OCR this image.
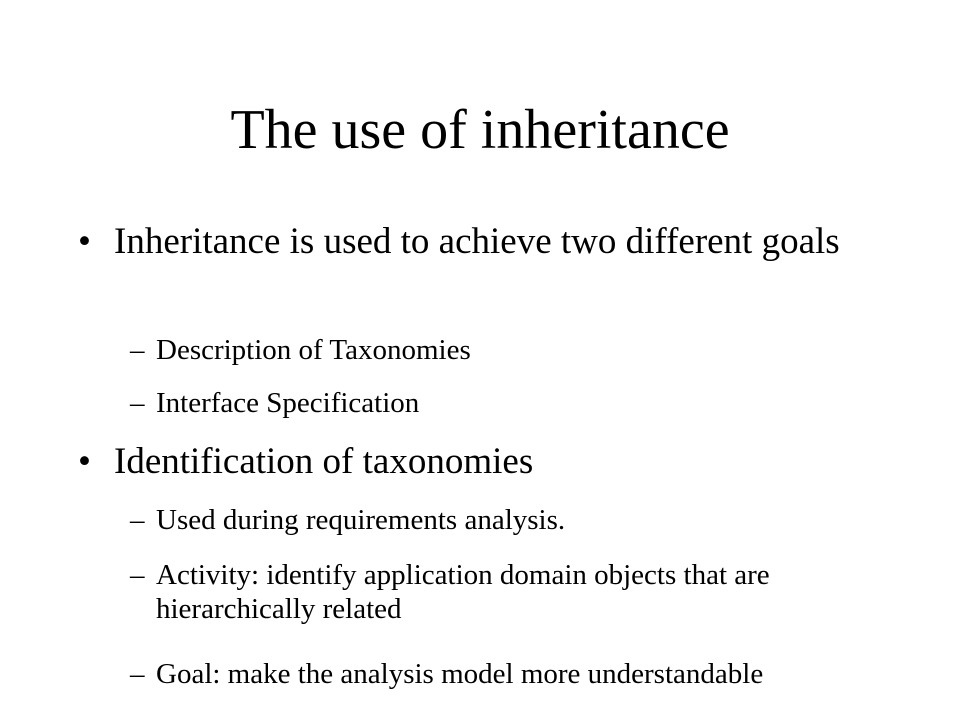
The use of inheritance
• Inheritance is used to achieve two different goals
– Description of Taxonomies
– Interface Specification
• Identification of taxonomies
– Used during requirements analysis.
– Activity: identify application domain objects that are hierarchically related
– Goal: make the analysis model more understandable
